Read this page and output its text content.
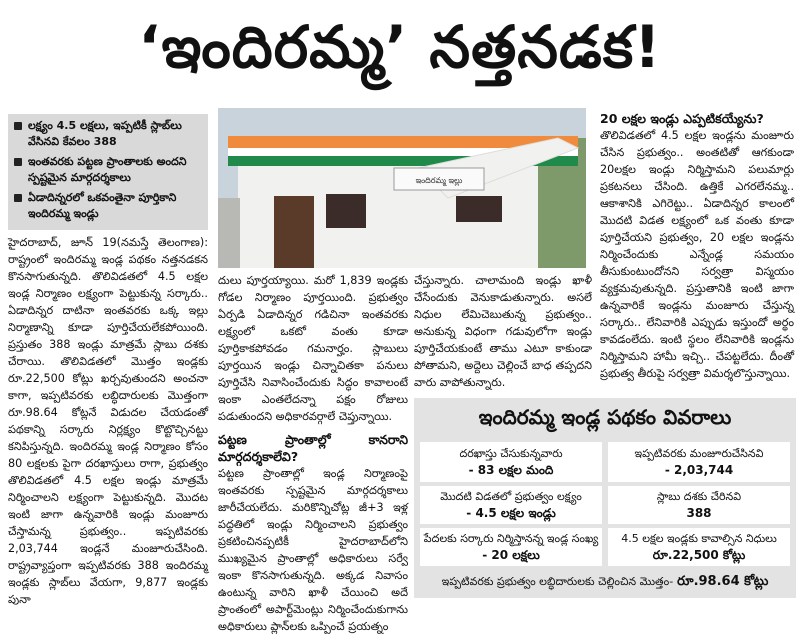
‘ఇందిరమ్మ’ నత్తనడక!
లక్ష్యం 4.5 లక్షలు, ఇప్పటికీ స్లాబ్‌లు వేసినవి కేవలం 388
ఇంతవరకు పట్టణ ప్రాంతాలకు అందని స్పష్టమైన మార్గదర్శకాలు
ఏడాదిన్నరలో ఒకవంతైనా పూర్తికాని ఇందిరమ్మ ఇండ్లు
ఇందిరమ్మ ఇల్లు

హైదరాబాద్, జూన్ 19(నమస్తే తెలంగాణ): రాష్ట్రంలో ఇందిరమ్మ ఇండ్ల పథకం నత్తనడకన కొనసాగుతున్నది. తొలివిడతలో 4.5 లక్షల ఇండ్ల నిర్మాణం లక్ష్యంగా పెట్టుకున్న సర్కారు.. ఏడాదిన్నర దాటినా ఇంతవరకు ఒక్క ఇల్లు నిర్మాణాన్ని కూడా పూర్తిచేయలేకపోయింది. ప్రస్తుతం 388 ఇండ్లు మాత్రమే స్లాబు దశకు చేరాయి. తొలివిడతలో మొత్తం ఇండ్లకు రూ.22,500 కోట్లు ఖర్చవుతుందని అంచనా కాగా, ఇప్పటివరకు లబ్ధిదారులకు మొత్తంగా రూ.98.64 కోట్లనే విడుదల చేయడంతో పథకాన్ని సర్కారు నిర్లక్ష్యం కొట్టొచ్చినట్టు కనిపిస్తున్నది. ఇందిరమ్మ ఇండ్ల నిర్మాణం కోసం 80 లక్షలకు పైగా దరఖాస్తులు రాగా, ప్రభుత్వం తొలివిడతలో 4.5 లక్షల ఇండ్లు మాత్రమే నిర్మించాలని లక్ష్యంగా పెట్టుకున్నది. మొదట ఇంటి జాగా ఉన్నవారికి ఇండ్లు మంజూరు చేస్తామన్న ప్రభుత్వం.. ఇప్పటివరకు 2,03,744 ఇండ్లనే మంజూరుచేసింది. రాష్ట్రవ్యాప్తంగా ఇప్పటివరకు 388 ఇందిరమ్మ ఇండ్లకు స్లాబ్‌లు వేయగా, 9,877 ఇండ్లకు పునా

దులు పూర్తయ్యాయి. మరో 1,839 ఇండ్లకు గోడల నిర్మాణం పూర్తయింది. ప్రభుత్వం ఏర్పడి ఏడాదిన్నర గడిచినా ఇంతవరకు లక్ష్యంలో ఒకటో వంతు కూడా పూర్తికాకపోవడం గమనార్హం. స్లాబులు పూర్తయిన ఇండ్లు చిన్నాచితకా పనులు పూర్తిచేసి నివాసించేందుకు సిద్ధం కావాలంటే ఇంకా ఎంతలేదన్నా పక్షం రోజులు పడుతుందని అధికారవర్గాలే చెప్తున్నాయి.

పట్టణ ప్రాంతాల్లో కానరాని మార్గదర్శకాలేవి?

పట్టణ ప్రాంతాల్లో ఇండ్ల నిర్మాణంపై ఇంతవరకు స్పష్టమైన మార్గదర్శకాలు జారీచేయలేదు. మరికొన్నిచోట్ల జీ+3 ఇళ్ల పద్ధతిలో ఇండ్లు నిర్మించాలని ప్రభుత్వం ప్రకటించినప్పటికీ హైదరాబాద్‌లోని ముఖ్యమైన ప్రాంతాల్లో అధికారులు సర్వే ఇంకా కొనసాగుతున్నది. అక్కడ నివాసం ఉంటున్న వారిని ఖాళీ చేయించి అదే ప్రాంతంలో అపార్ట్‌మెంట్లు నిర్మించేందుకుగాను అధికారులు ప్లాన్‌లకు ఒప్పించే ప్రయత్నం

చేస్తున్నారు. చాలామంది ఇండ్లు ఖాళీ చేసేందుకు వెనుకాడుతున్నారు. అసలే నిధుల లేమిచెబుతున్న ప్రభుత్వం.. అనుకున్న విధంగా గడువులోగా ఇండ్లు పూర్తిచేయకుంటే తాము ఎటూ కాకుండా పోతామని, అద్దెలు చెల్లించే బాధ తప్పదని వారు వాపోతున్నారు.

20 లక్షల ఇండ్లు ఎప్పటికయ్యేను?

తొలివిడతలో 4.5 లక్షల ఇండ్లను మంజూరు చేసిన ప్రభుత్వం.. అంతటితో ఆగకుండా 20లక్షల ఇండ్లు నిర్మిస్తామని పలుమార్లు ప్రకటనలు చేసింది. ఉత్తికే ఎగరలేనమ్మ.. ఆకాశానికి ఎగిరెట్టు.. ఏడాదిన్నర కాలంలో మొదటి విడత లక్ష్యంలో ఒక వంతు కూడా పూర్తిచేయని ప్రభుత్వం, 20 లక్షల ఇండ్లను నిర్మించేందుకు ఎన్నేండ్ల సమయం తీసుకుంటుందోనని సర్వత్రా విస్మయం వ్యక్తమవుతున్నది. ప్రస్తుతానికి ఇంటి జాగా ఉన్నవారికే ఇండ్లను మంజూరు చేస్తున్న సర్కారు.. లేనివారికి ఎప్పుడు ఇస్తుందో అర్థం కావడంలేదు. ఇంటి స్థలం లేనివారికి ఇండ్లను నిర్మిస్తామని హామీ ఇచ్చి.. చేపట్టలేదు. దీంతో ప్రభుత్వ తీరుపై సర్వత్రా విమర్శలొస్తున్నాయి.

ఇందిరమ్మ ఇండ్ల పథకం వివరాలు
దరఖాస్తు చేసుకున్నవారు
- 83 లక్షల మంది
ఇప్పటివరకు మంజూరుచేసినవి
- 2,03,744
మొదటి విడతలో ప్రభుత్వం లక్ష్యం
- 4.5 లక్షల ఇండ్లు
స్లాబు దశకు చేరినవి
388
పేదలకు సర్కారు నిర్మిస్తానన్న ఇండ్ల సంఖ్య
- 20 లక్షలు
4.5 లక్షల ఇండ్లకు కావాల్సిన నిధులు
రూ.22,500 కోట్లు
ఇప్పటివరకు ప్రభుత్వం లబ్ధిదారులకు చెల్లించిన మొత్తం- రూ.98.64 కోట్లు
